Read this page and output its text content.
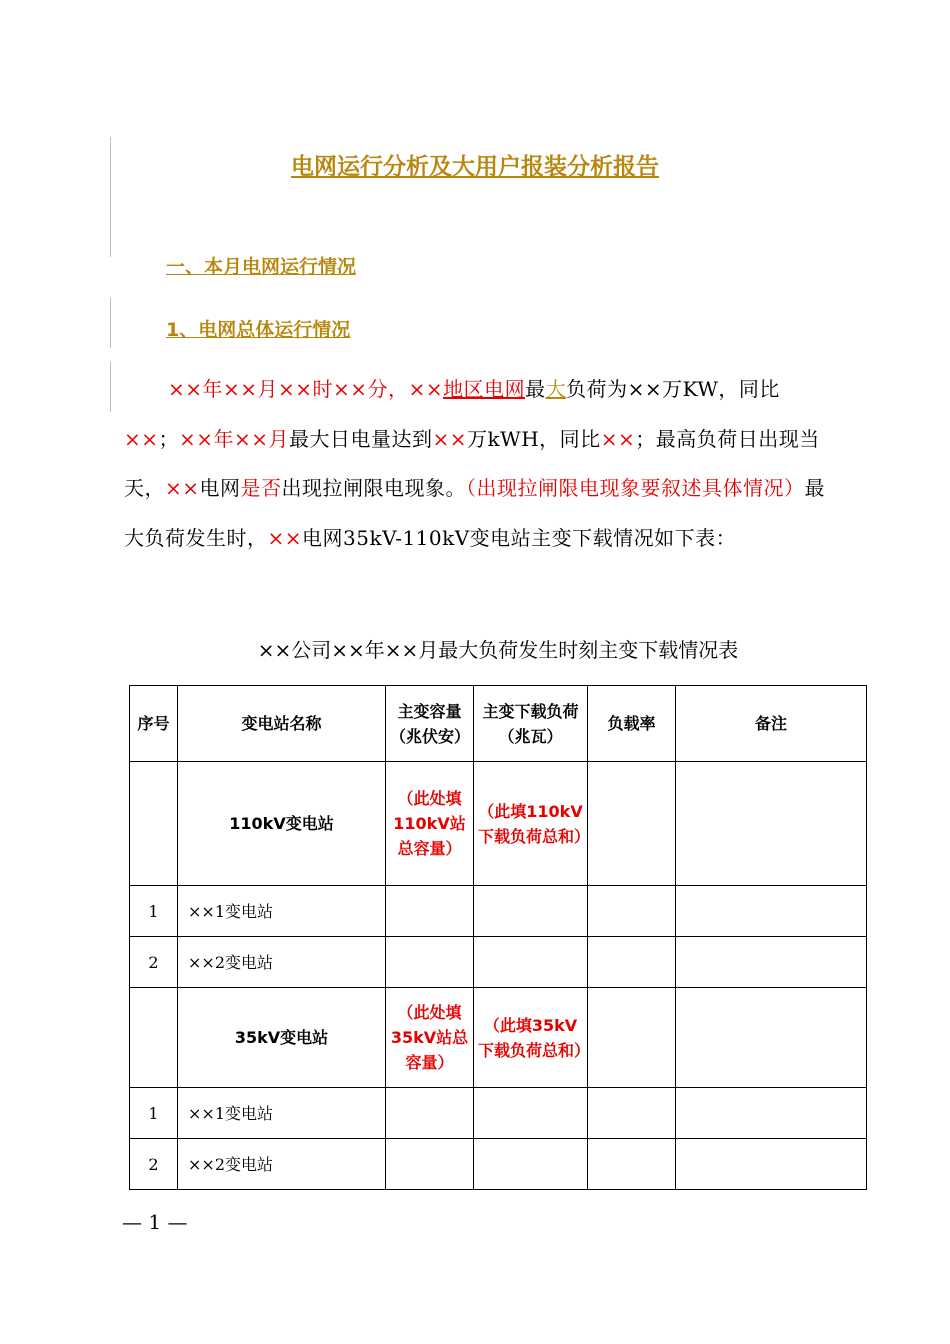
电网运行分析及大用户报装分析报告
一、本月电网运行情况
1、电网总体运行情况
××年××月××时××分，××地区电网最大负荷为××万KW，同比××；××年××月最大日电量达到××万kWH，同比××；最高负荷日出现当天，××电网是否出现拉闸限电现象。（出现拉闸限电现象要叙述具体情况）最大负荷发生时，××电网35kV-110kV变电站主变下载情况如下表：
××公司××年××月最大负荷发生时刻主变下载情况表
序号	变电站名称	主变容量（兆伏安）	主变下载负荷（兆瓦）	负载率	备注
	110kV变电站	（此处填110kV站总容量）	（此填110kV下载负荷总和）		
1	××1变电站				
2	××2变电站				
	35kV变电站	（此处填35kV站总容量）	（此填35kV下载负荷总和）		
1	××1变电站				
2	××2变电站				
— 1 —
